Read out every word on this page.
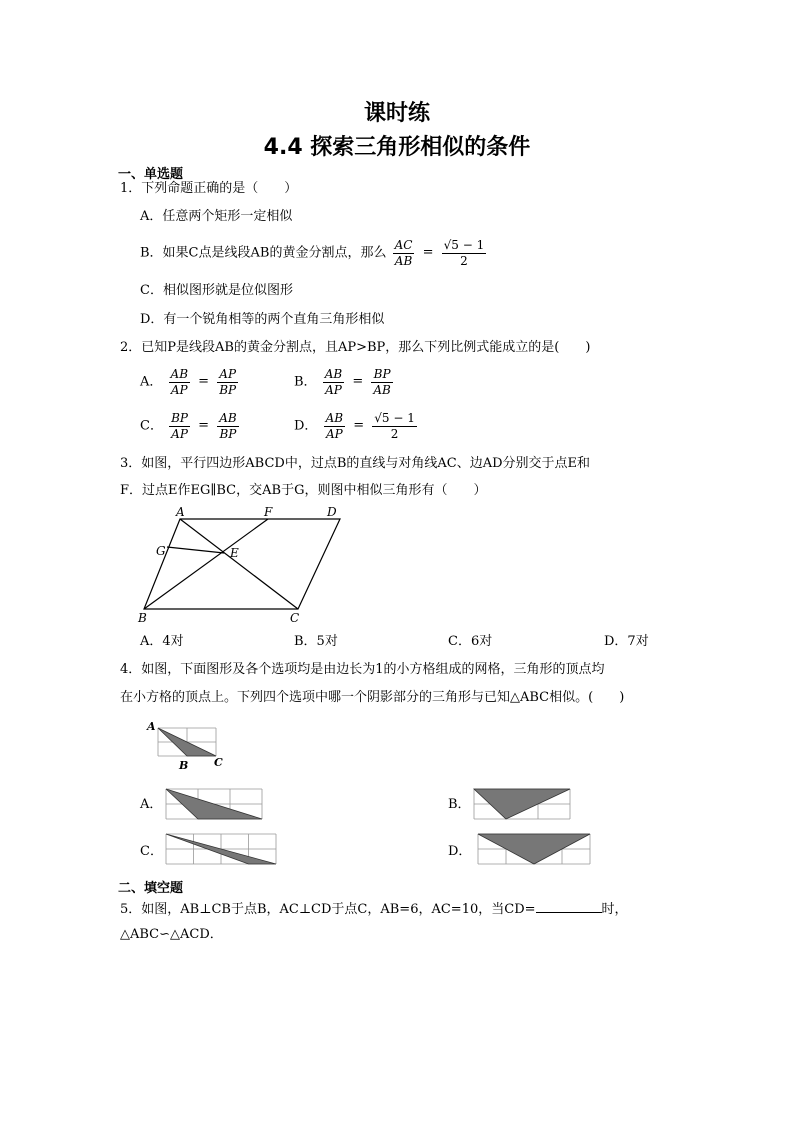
课时练
4.4 探索三角形相似的条件
一、单选题
1．下列命题正确的是（　　）
A．任意两个矩形一定相似
B．如果C点是线段AB的黄金分割点，那么 $\frac{AC}{AB} = \frac{√5 - 1}{2}$
C．相似图形就是位似图形
D．有一个锐角相等的两个直角三角形相似
2．已知P是线段AB的黄金分割点，且AP>BP，那么下列比例式能成立的是(　　)
A． $\frac{AB}{AP} = \frac{AP}{BP}$	B． $\frac{AB}{AP} = \frac{BP}{AB}$
C． $\frac{BP}{AP} = \frac{AB}{BP}$	D． $\frac{AB}{AP} = \frac{√5 - 1}{2}$
3．如图，平行四边形ABCD中，过点B的直线与对角线AC、边AD分别交于点E和
F．过点E作EG∥BC，交AB于G，则图中相似三角形有（　　）
A	F	D
G	E
B	C
A．4对	B．5对	C．6对	D．7对
4．如图，下面图形及各个选项均是由边长为1的小方格组成的网格，三角形的顶点均
在小方格的顶点上。下列四个选项中哪一个阴影部分的三角形与已知△ABC相似。(　　)
A
B C
A．	B．
C．	D．
二、填空题
5．如图，AB⊥CB于点B，AC⊥CD于点C，AB=6，AC=10，当CD=	时，
△ABC∽△ACD．
